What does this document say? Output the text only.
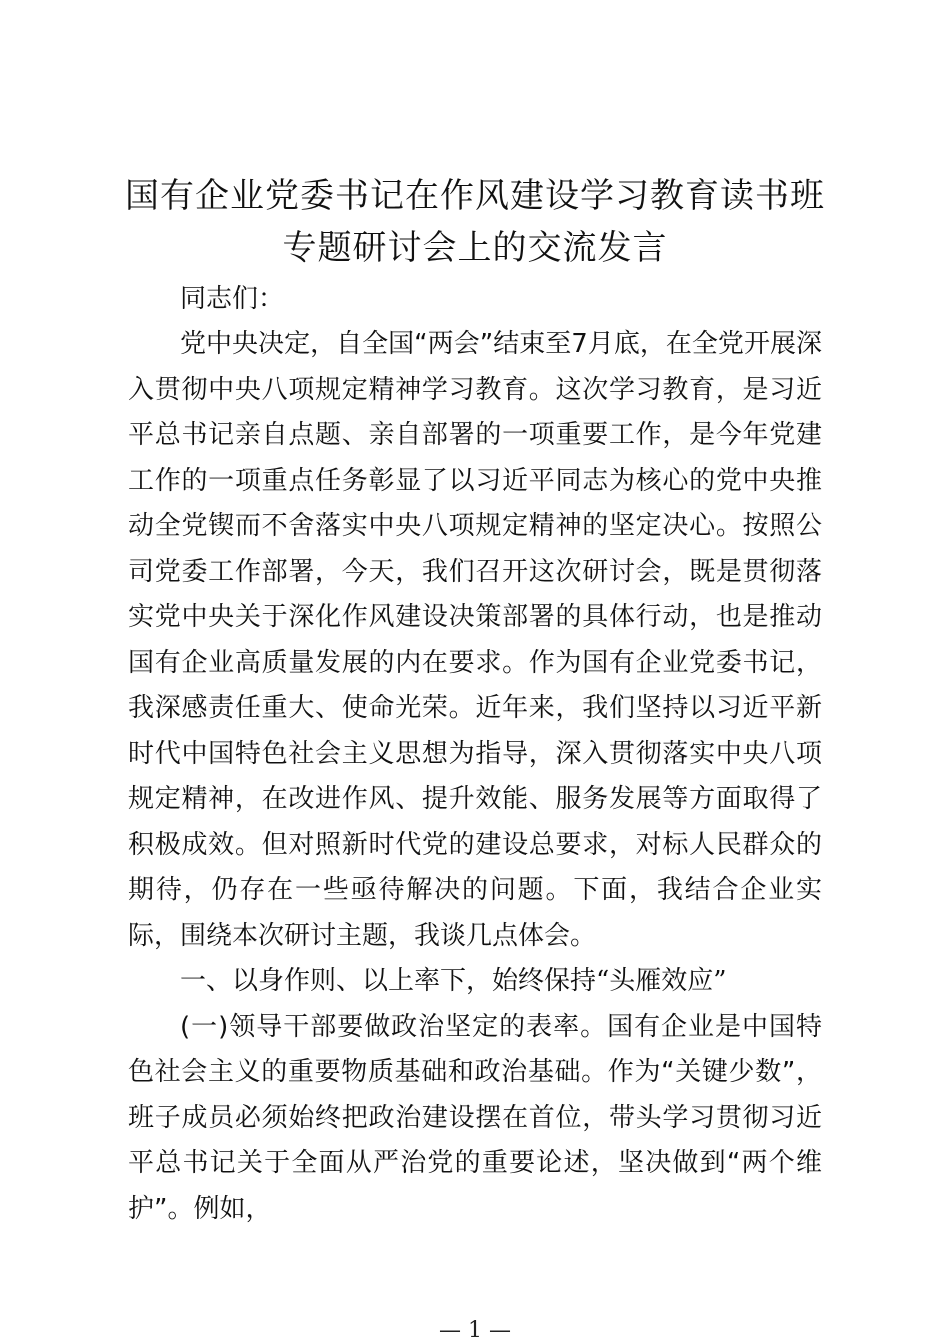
国有企业党委书记在作风建设学习教育读书班
专题研讨会上的交流发言

同志们：

党中央决定，自全国“两会”结束至7月底，在全党开展深入贯彻中央八项规定精神学习教育。这次学习教育，是习近平总书记亲自点题、亲自部署的一项重要工作，是今年党建工作的一项重点任务彰显了以习近平同志为核心的党中央推动全党锲而不舍落实中央八项规定精神的坚定决心。按照公司党委工作部署，今天，我们召开这次研讨会，既是贯彻落实党中央关于深化作风建设决策部署的具体行动，也是推动国有企业高质量发展的内在要求。作为国有企业党委书记，我深感责任重大、使命光荣。近年来，我们坚持以习近平新时代中国特色社会主义思想为指导，深入贯彻落实中央八项规定精神，在改进作风、提升效能、服务发展等方面取得了积极成效。但对照新时代党的建设总要求，对标人民群众的期待，仍存在一些亟待解决的问题。下面，我结合企业实际，围绕本次研讨主题，我谈几点体会。

一、以身作则、以上率下，始终保持“头雁效应”

(一)领导干部要做政治坚定的表率。国有企业是中国特色社会主义的重要物质基础和政治基础。作为“关键少数”，班子成员必须始终把政治建设摆在首位，带头学习贯彻习近平总书记关于全面从严治党的重要论述，坚决做到“两个维护”。例如，

— 1 —
